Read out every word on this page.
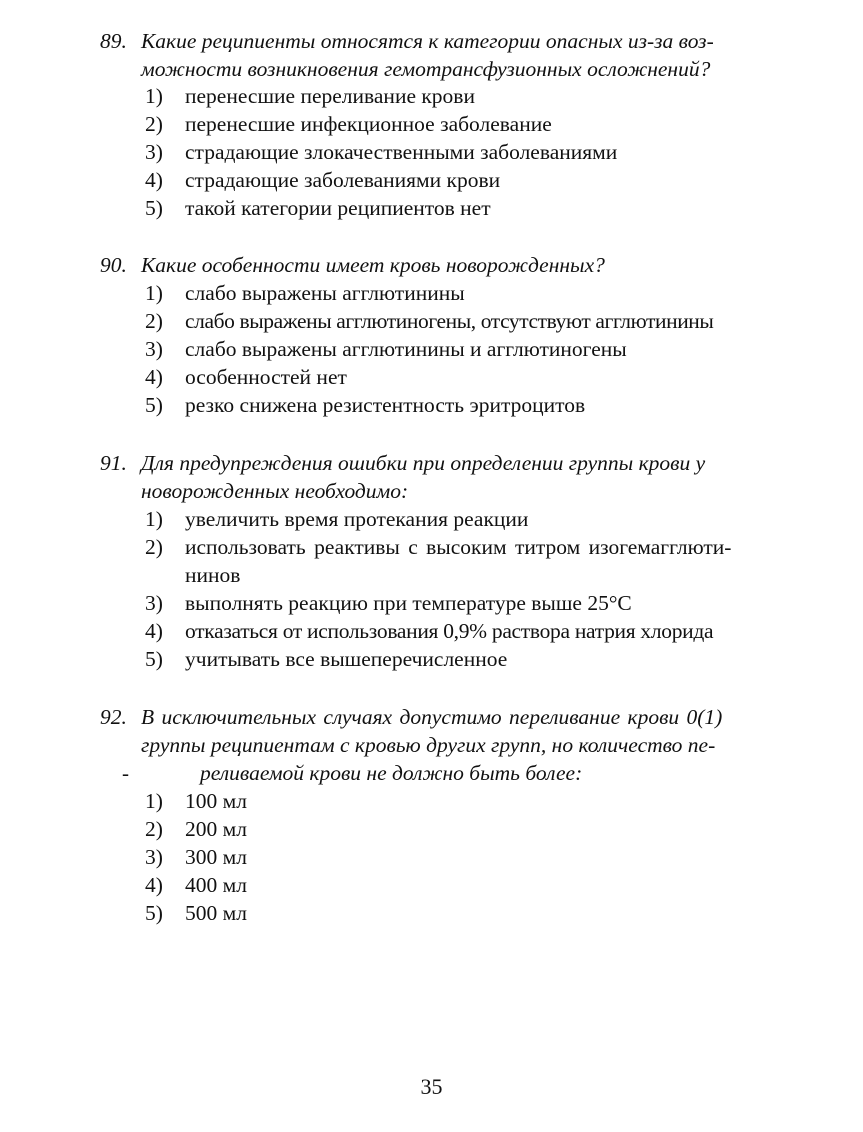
89. Какие реципиенты относятся к категории опасных из-за воз-
можности возникновения гемотрансфузионных осложнений?
1) перенесшие переливание крови
2) перенесшие инфекционное заболевание
3) страдающие злокачественными заболеваниями
4) страдающие заболеваниями крови
5) такой категории реципиентов нет
90. Какие особенности имеет кровь новорожденных?
1) слабо выражены агглютинины
2) слабо выражены агглютиногены, отсутствуют агглютинины
3) слабо выражены агглютинины и агглютиногены
4) особенностей нет
5) резко снижена резистентность эритроцитов
91. Для предупреждения ошибки при определении группы крови у
новорожденных необходимо:
1) увеличить время протекания реакции
2) использовать реактивы с высоким титром изогемагглюти-
нинов
3) выполнять реакцию при температуре выше 25°С
4) отказаться от использования 0,9% раствора натрия хлорида
5) учитывать все вышеперечисленное
92. В исключительных случаях допустимо переливание крови 0(1)
группы реципиентам с кровью других групп, но количество пе-
-	реливаемой крови не должно быть более:
1) 100 мл
2) 200 мл
3) 300 мл
4) 400 мл
5) 500 мл
35
